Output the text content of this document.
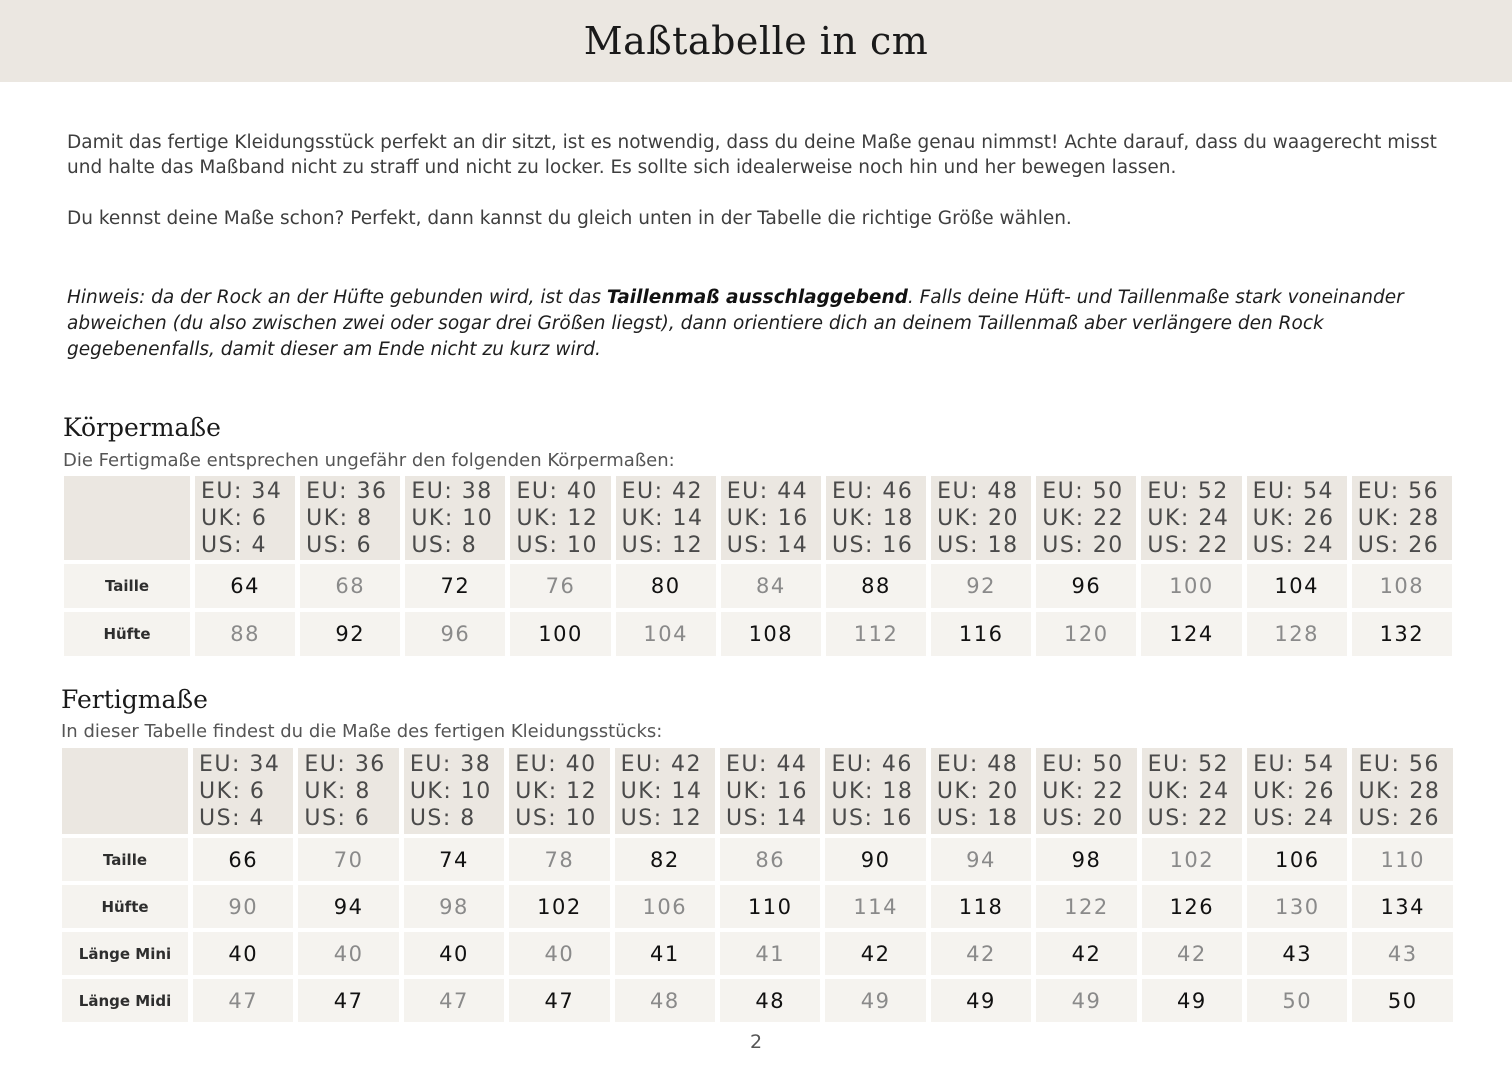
Maßtabelle in cm

Damit das fertige Kleidungsstück perfekt an dir sitzt, ist es notwendig, dass du deine Maße genau nimmst! Achte darauf, dass du waagerecht misst und halte das Maßband nicht zu straff und nicht zu locker. Es sollte sich idealerweise noch hin und her bewegen lassen.

Du kennst deine Maße schon? Perfekt, dann kannst du gleich unten in der Tabelle die richtige Größe wählen.

Hinweis: da der Rock an der Hüfte gebunden wird, ist das Taillenmaß ausschlaggebend. Falls deine Hüft- und Taillenmaße stark voneinander abweichen (du also zwischen zwei oder sogar drei Größen liegst), dann orientiere dich an deinem Taillenmaß aber verlängere den Rock gegebenenfalls, damit dieser am Ende nicht zu kurz wird.
Körpermaße
Die Fertigmaße entsprechen ungefähr den folgenden Körpermaßen:

	EU: 34
UK: 6
US: 4	EU: 36
UK: 8
US: 6	EU: 38
UK: 10
US: 8	EU: 40
UK: 12
US: 10	EU: 42
UK: 14
US: 12	EU: 44
UK: 16
US: 14	EU: 46
UK: 18
US: 16	EU: 48
UK: 20
US: 18	EU: 50
UK: 22
US: 20	EU: 52
UK: 24
US: 22	EU: 54
UK: 26
US: 24	EU: 56
UK: 28
US: 26

Taille	64	68	72	76	80	84	88	92	96	100	104	108
Hüfte	88	92	96	100	104	108	112	116	120	124	128	132
Fertigmaße
In dieser Tabelle findest du die Maße des fertigen Kleidungsstücks:

	EU: 34
UK: 6
US: 4	EU: 36
UK: 8
US: 6	EU: 38
UK: 10
US: 8	EU: 40
UK: 12
US: 10	EU: 42
UK: 14
US: 12	EU: 44
UK: 16
US: 14	EU: 46
UK: 18
US: 16	EU: 48
UK: 20
US: 18	EU: 50
UK: 22
US: 20	EU: 52
UK: 24
US: 22	EU: 54
UK: 26
US: 24	EU: 56
UK: 28
US: 26

Taille	66	70	74	78	82	86	90	94	98	102	106	110
Hüfte	90	94	98	102	106	110	114	118	122	126	130	134
Länge Mini	40	40	40	40	41	41	42	42	42	42	43	43
Länge Midi	47	47	47	47	48	48	49	49	49	49	50	50
2
